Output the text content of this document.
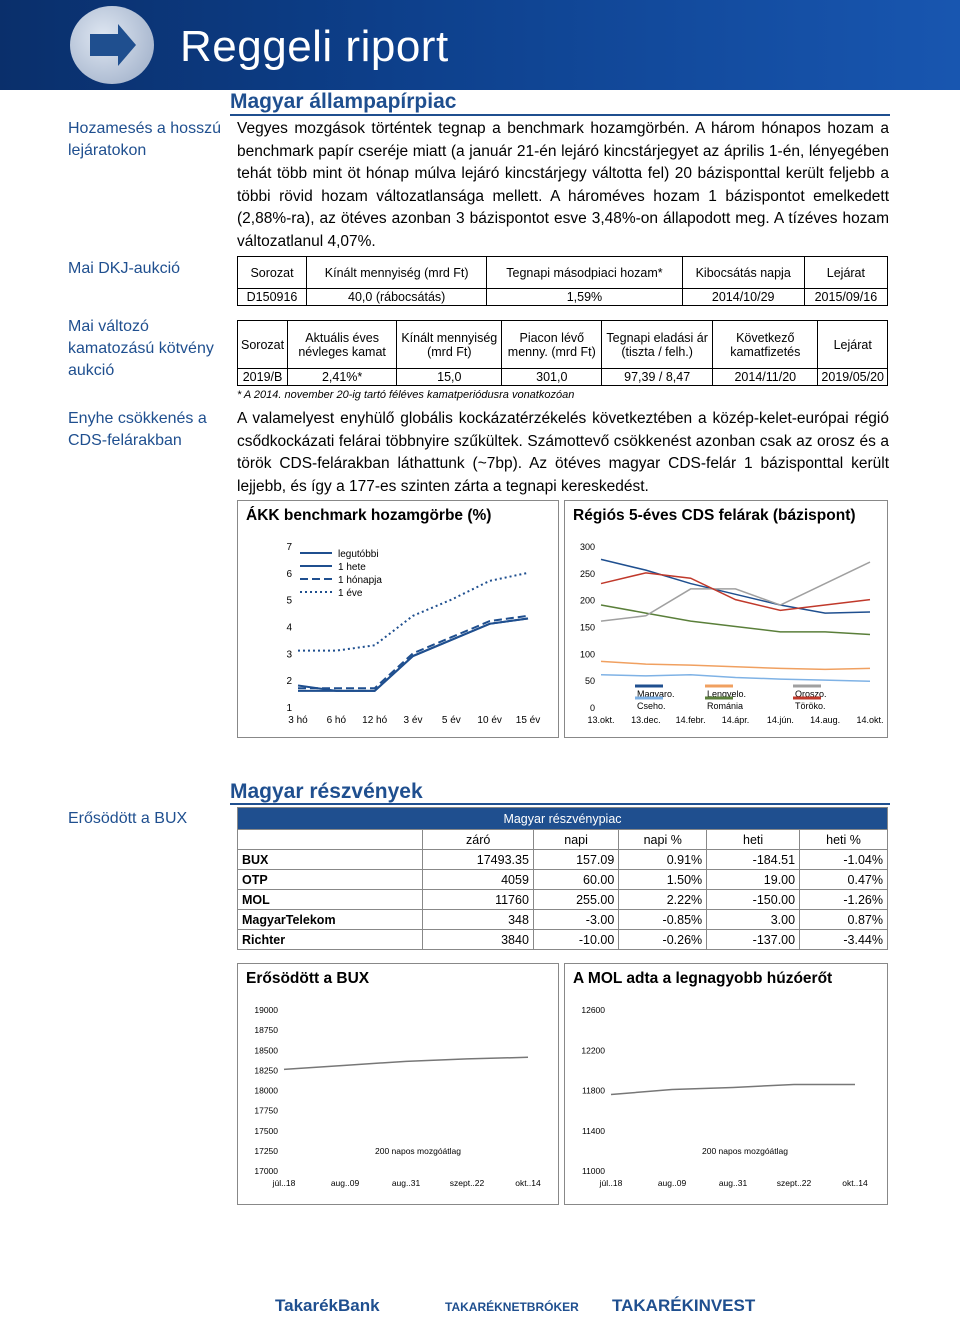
Reggeli riport
Hozamesés a hosszú lejáratokon
Mai DKJ-aukció
Mai változó kamatozású kötvény aukció
Enyhe csökkenés a CDS-felárakban
Erősödött a BUX
Magyar állampapírpiac
Vegyes mozgások történtek tegnap a benchmark hozamgörbén. A három hónapos hozam a benchmark papír cseréje miatt (a január 21-én lejáró kincstárjegyet az április 1-én, lényegében tehát több mint öt hónap múlva lejáró kincstárjegy váltotta fel) 20 bázisponttal került feljebb a többi rövid hozam változatlansága mellett. A hároméves hozam 1 bázispontot emelkedett (2,88%-ra), az ötéves azonban 3 bázispontot esve 3,48%-on állapodott meg. A tízéves hozam változatlanul 4,07%.
Sorozat	Kínált mennyiség (mrd Ft)	Tegnapi másodpiaci hozam*	Kibocsátás napja	Lejárat
D150916	40,0 (rábocsátás)	1,59%	2014/10/29	2015/09/16
Sorozat	Aktuális éves névleges kamat	Kínált mennyiség (mrd Ft)	Piacon lévő menny. (mrd Ft)	Tegnapi eladási ár (tiszta / felh.)	Következő kamatfizetés	Lejárat
2019/B	2,41%*	15,0	301,0	97,39 / 8,47	2014/11/20	2019/05/20
* A 2014. november 20-ig tartó féléves kamatperiódusra vonatkozóan
A valamelyest enyhülő globális kockázatérzékelés következtében a közép-kelet-európai régió csődkockázati felárai többnyire szűkültek. Számottevő csökkenést azonban csak az orosz és a török CDS-felárakban láthattunk (~7bp). Az ötéves magyar CDS-felár 1 bázisponttal került lejjebb, és így a 177-es szinten zárta a tegnapi kereskedést.
ÁKK benchmark hozamgörbe (%)
1
2
3
4
5
6
7
3 hó 6 hó 12 hó 3 év 5 év 10 év 15 év
legutóbbi
1 hete
1 hónapja
1 éve
Régiós 5-éves CDS felárak (bázispont)
0
50
100
150
200
250
300
13.okt. 13.dec. 14.febr. 14.ápr. 14.jún. 14.aug. 14.okt.
Magyaro.
Cseho.
Lengyelo.
Románia
Oroszo.
Töröko.
Magyar részvények
Magyar részvénypiac					
	záró	napi	napi %	heti	heti %
BUX	17493.35	157.09	0.91%	-184.51	-1.04%
OTP	4059	60.00	1.50%	19.00	0.47%
MOL	11760	255.00	2.22%	-150.00	-1.26%
MagyarTelekom	348	-3.00	-0.85%	3.00	0.87%
Richter	3840	-10.00	-0.26%	-137.00	-3.44%
Erősödött a BUX
17000
17250
17500
17750
18000
18250
18500
18750
19000
júl..18	aug..09	aug..31	szept..22	okt..14
200 napos mozgóátlag
A MOL adta a legnagyobb húzóerőt
11000
11400
11800
12200
12600
júl..18	aug..09	aug..31	szept..22	okt..14
200 napos mozgóátlag
TakarékBank	TAKARÉKNETBRÓKER TAKARÉKINVEST
